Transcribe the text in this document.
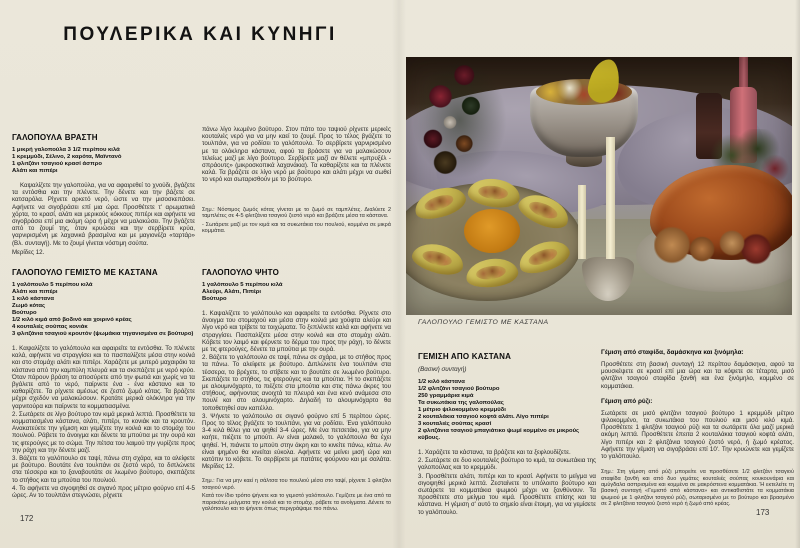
ΠΟΥΛΕΡΙΚΑ ΚΑΙ ΚΥΝΗΓΙ
ΓΑΛΟΠΟΥΛΑ ΒΡΑΣΤΗ
1 μικρή γαλοπούλα 3 1/2 περίπου κιλά
1 κρεμμύδι, Σέλινο, 2 καρότα, Μαϊντανό
1 φλιτζάνι τσαγιού κρασί άσπρο
Αλάτι και πιπέρι
Καψαλίζετε την γαλοπούλα, για να αφαιρεθεί το χνούδι, βγάζετε τα εντόσθια και την πλένετε. Την δένετε και την βάζετε σε κατσαρόλα. Ρίχνετε αρκετό νερό, ώστε να την μισοσκεπάσει. Αφήνετε να σιγοβράσει επί μια ώρα. Προσθέτετε τ' αρωματικά χόρτα, το κρασί, αλάτι και μερικούς κόκκους πιπέρι και αφήνετε να σιγοβράσει επί μια ακόμη ώρα ή μέχρι να μαλακώσει. Την βγάζετε από το ζουμί της, όταν κρυώσει και την σερβίρετε κρύα, γαρνιρισμένη με λαχανικά βρασμένα και με μαγιονέζα «ταρτάρ» (Βλ. συνταγή). Με το ζουμί γίνεται νόστιμη σούπα.
Μερίδες 12.
ΓΑΛΟΠΟΥΛΟ ΓΕΜΙΣΤΟ ΜΕ ΚΑΣΤΑΝΑ
1 γαλόπουλο 5 περίπου κιλά
Αλάτι και πιπέρι
1 κιλό κάστανα
Ζωμό κότας
Βούτυρο
1/2 κιλό κιμά από βοδινό και χοιρινό κρέας
4 κουταλιές σούπας κονιάκ
3 φλιτζάνια τσαγιού κρουτόν (ψωμάκια τηγανισμένα σε βούτυρο)
1. Καψαλίζετε το γαλόπουλο και αφαιρείτε τα εντόσθια. Το πλένετε καλά, αφήνετε να στραγγίσει και το πασπαλίζετε μέσα στην κοιλιά και στο στομάχι αλάτι και πιπέρι. Χαράζετε με μυτερό μαχαιράκι τα κάστανα από την καμπύλη πλευρά και τα σκεπάζετε με νερό κρύο. Όταν πάρουν βράση τα αποσύρετε από την φωτιά και χωρίς να τα βγάλετε από το νερό, παίρνετε ένα - ένα κάστανο και το καθαρίζετε. Τα ρίχνετε αμέσως σε ζεστό ζωμό κότας. Τα βράζετε μέχρι σχεδόν να μαλακώσουν. Κρατάτε μερικά ολόκληρα για την γαρνιτούρα και παίρνετε τα κομματιασμένα.
2. Σωτάρετε σε λίγο βούτυρο τον κιμά μερικά λεπτά. Προσθέτετε τα κομματιασμένα κάστανα, αλάτι, πιπέρι, το κονιάκ και τα κρουτόν. Ανακατεύετε την γέμιση και γεμίζετε την κοιλιά και το στομάχι του πουλιού. Ράβετε το άνοιγμα και δένετε τα μπούτια με την ουρά και τις φτερούγες με το σώμα. Την πέτσα του λαιμού την γυρίζετε προς την ράχη και την δένετε μαζί.
3. Βάζετε το γαλόπουλο σε ταψί, πάνω στη σχάρα, και το αλείφετε με βούτυρο. Βουτάτε ένα τουλπάνι σε ζεστό νερό, το διπλώνετε στα τέσσερα και το ξαναβουτάτε σε λιωμένο βούτυρο, σκεπάζετε το στήθος και τα μπούτια του πουλιού.
4. Το αφήνετε να σιγοψηθεί σε σιγανό προς μέτριο φούρνο επί 4-5 ώρες. Αν το τουλπάνι στεγνώσει, ρίχνετε
πάνω λίγο λιωμένο βούτυρο. Στον πάτο του ταψιού ρίχνετε μερικές κουταλιές νερό για να μην καεί το ζουμί. Προς το τέλος βγάζετε το τουλπάνι, για να ροδίσει το γαλόπουλο. Το σερβίρετε γαρνιρισμένο με τα ολόκληρα κάστανα, αφού τα βράσετε για να μαλακώσουν τελείως μαζί με λίγο βούτυρο. Σερβίρετε μαζί αν θέλετε «μπρυξέλ - σπράουτς» (μικροσκοπικά λαχανάκια). Τα καθαρίζετε και τα πλένετε καλά. Τα βράζετε σε λίγο νερό με βούτυρο και αλάτι μέχρι να σωθεί το νερό και σωταρισθούν με το βούτυρο.
Σημ.: Νόστιμος ζωμός κότας γίνεται με το ζωμό σε ταμπλέτες. Διαλύετε 2 ταμπλέτες σε 4-5 φλιτζάνια τσαγιού ζεστό νερό και βράζετε μέσα τα κάστανα.
- Σωτάρετε μαζί με τον κιμά και τα συκωτάκια του πουλιού, κομμένα σε μικρά κομμάτια.
ΓΑΛΟΠΟΥΛΟ ΨΗΤΟ
1 γαλόπουλο 5 περίπου κιλά
Αλεύρι, Αλάτι, Πιπέρι
Βούτυρο
1. Καψαλίζετε το γαλόπουλο και αφαιρείτε τα εντόσθια. Ρίχνετε στο άνοιγμα του στομαχιού και μέσα στην κοιλιά μια χούφτα αλεύρι και λίγο νερό και τρίβετε τα τοιχώματα. Το ξεπλένετε καλά και αφήνετε να στραγγίσει. Πασπαλίζετε μέσα στην κοιλιά και στο στομάχι αλάτι. Κόβετε τον λαιμό και φέρνετε το δέρμα του προς την ράχη, το δένετε με τις φτερούγες, δένετε τα μπούτια με την ουρά.
2. Βάζετε το γαλόπουλο σε ταψί, πάνω σε σχάρα, με το στήθος προς τα πάνω. Το αλείφετε με βούτυρο. Διπλώνετε ένα τουλπάνι στα τέσσερα, το βρέχετε, το στίβετε και το βουτάτε σε λιωμένο βούτυρο. Σκεπάζετε το στήθος, τις φτερούγες και τα μπούτια. Ή το σκεπάζετε με αλουμινόχαρτο, το πιέζετε στα μπούτια και στις πάνω άκρες του στήθους, αφήνοντας ανοιχτά τα πλευρά και ένα κενό ανάμεσα στο πουλί και στο αλουμινόχαρτο. Δηλαδή το αλουμινόχαρτο θα τοποθετηθεί σαν καπέλλο.
3. Ψήνετε το γαλόπουλο σε σιγανό φούρνο επί 5 περίπου ώρες. Προς το τέλος βγάζετε το τουλπάνι, για να ροδίσει. Ένα γαλόπουλο 3-4 κιλά θέλει για να ψηθεί 3-4 ώρες. Με ένα πετσετάκι, για να μην καήτε, πιέζετε το μπούτι. Αν είναι μαλακό, το γαλόπουλο θα έχει ψηθεί. Ή, πιάνετε το μπούτι στην άκρη και το κινείτε πάνω, κάτω. Αν είναι ψημένο θα κινείται εύκολα. Αφήνετε να μείνει μισή ώρα και κατόπιν το κόβετε. Το σερβίρετε με πατάτες φούρνου και με σαλάτα. Μερίδες 12.
Σημ.: Για να μην καεί η σάλτσα του πουλιού μέσα στο ταψί, ρίχνετε 1 φλιτζάνι τσαγιού νερό.
Κατά τον ίδιο τρόπο ψήνετε και το γεμιστό γαλόπουλο. Γεμίζετε με ένα από τα παρακάτω μείγματα την κοιλιά και το στομάχι, ράβετε τα ανοίγματα. Δένετε το γαλόπουλο και το ψήνετε όπως περιγράψαμε πιο πάνω.
172
ΓΑΛΟΠΟΥΛΟ ΓΕΜΙΣΤΟ ΜΕ ΚΑΣΤΑΝΑ
ΓΕΜΙΣΗ ΑΠΟ ΚΑΣΤΑΝΑ
(Βασική συνταγή)
1/2 κιλό κάστανα
1/2 φλιτζάνι τσαγιού βούτυρο
250 γραμμάρια κιμά
Τα συκωτάκια της γαλοπούλας
1 μέτριο ψιλοκομμένο κρεμμύδι
2 κουταλάκια τσαγιού κοφτά αλάτι. Λίγο πιπέρι
3 κουταλιές σούπας κρασί
2 φλιτζάνια τσαγιού μπαγιάτικο ψωμί κομμένο σε μικρούς κύβους.
1. Χαράζετε τα κάστανα, τα βράζετε και τα ξεφλουδίζετε.
2. Σωτάρετε σε δυο κουταλιές βούτυρο το κιμά, τα συκωτάκια της γαλοπούλας και το κρεμμύδι.
3. Προσθέτετε αλάτι, πιπέρι και το κρασί. Αφήνετε το μείγμα να σιγοψηθεί μερικά λεπτά. Ζεσταίνετε το υπόλοιπο βούτυρο και σωτάρετε τα κομματάκια ψωμιού μέχρι να ξανθύνουν. Τα προσθέτετε στο μείγμα του κιμά. Προσθέτετε επίσης και τα κάστανα. Η γέμιση σ' αυτό το σημείο είναι έτοιμη, για να γεμίσετε το γαλόπουλο.
Γέμιση από σταφίδα, δαμάσκηνα και ξινόμηλα:
Προσθέτετε στη βασική συνταγή 12 περίπου δαμάσκηνα, αφού τα μουσκέψετε σε κρασί επί μια ώρα και τα κόψετε σε τέταρτα, μισό φλιτζάνι τσαγιού σταφίδα ξανθή και ένα ξινόμηλο, κομμένο σε κομματάκια.
Γέμιση από ρύζι:
Σωτάρετε σε μισό φλιτζάνι τσαγιού βούτυρο 1 κρεμμύδι μέτριο ψιλοκομμένο, τα συκωτάκια του πουλιού και μισό κιλό κιμά. Προσθέτετε 1 φλιτζάνι τσαγιού ρύζι και τα σωτάρετε όλα μαζί μερικά ακόμη λεπτά. Προσθέτετε έπειτα 2 κουταλάκια τσαγιού κοφτά αλάτι, λίγο πιπέρι και 2 φλιτζάνια τσαγιού ζεστό νερό, ή ζωμό κρέατος. Αφήνετε την γέμιση να σιγοβράσει επί 10'. Την κρυώνετε και γεμίζετε το γαλόπουλο.
Σημ.: Στη γέμιση από ρύζι μπορείτε να προσθέσετε 1/2 φλιτζάνι τσαγιού σταφίδα ξανθή και από δυο γεμάτες κουταλιές σούπας κουκουνάρια και αμύγδαλα ασπρισμένα και κομμένα σε μακρόστενα κομματάκια. Ή εκτελείτε τη βασική συνταγή «Γεμιστό από κάστανα» και αντικαθιστάτε τα κομματάκια ψωμιού με 1 φλιτζάνι τσαγιού ρύζι, σωταρισμένο με το βούτυρο και βρασμένο σε 2 φλιτζάνια τσαγιού ζεστό νερό ή ζωμό από κρέας.
173
